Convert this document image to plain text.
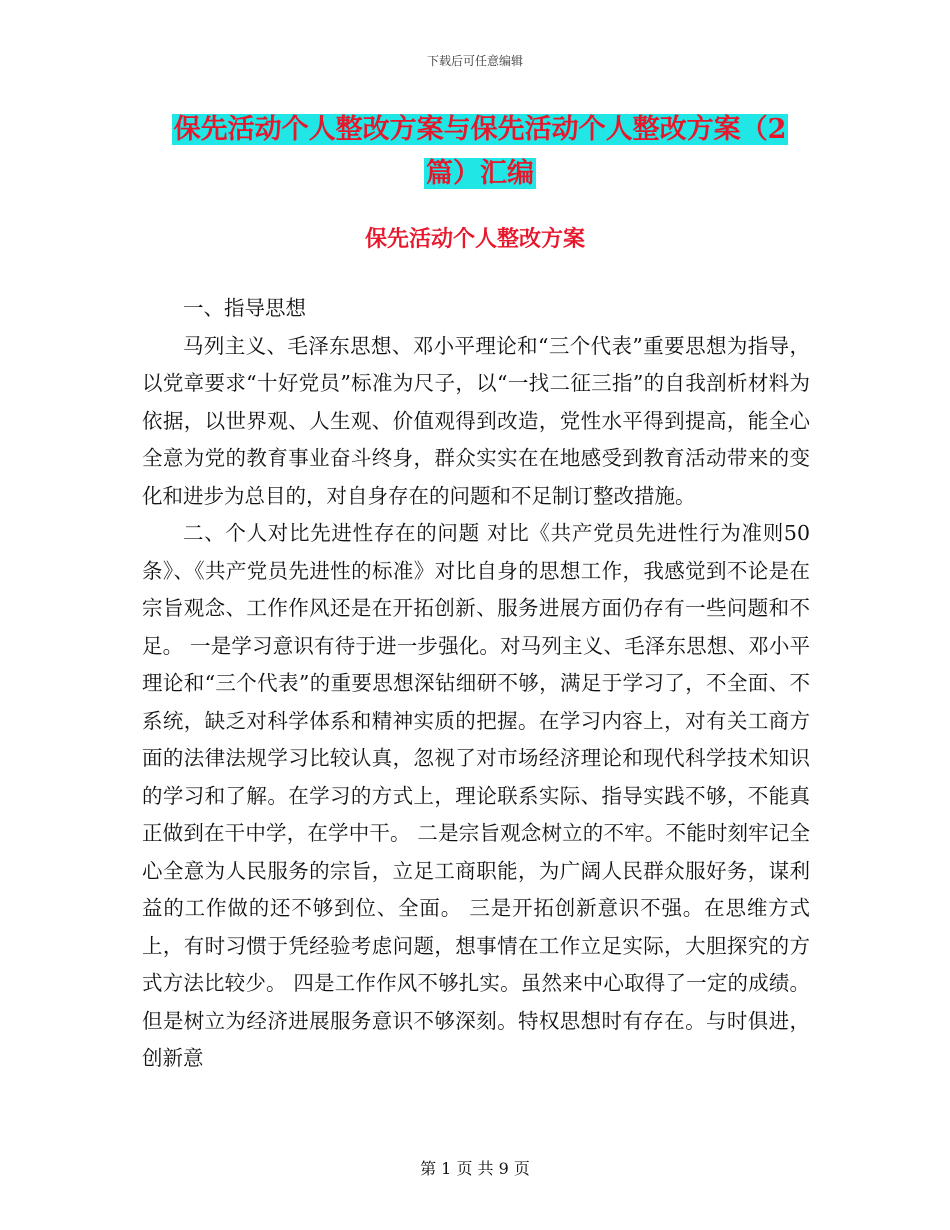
下载后可任意编辑
保先活动个人整改方案与保先活动个人整改方案（2
篇）汇编
保先活动个人整改方案

一、指导思想

马列主义、毛泽东思想、邓小平理论和“三个代表”重要思想为指导，以党章要求“十好党员”标准为尺子，以“一找二征三指”的自我剖析材料为依据，以世界观、人生观、价值观得到改造，党性水平得到提高，能全心全意为党的教育事业奋斗终身，群众实实在在地感受到教育活动带来的变化和进步为总目的，对自身存在的问题和不足制订整改措施。

二、个人对比先进性存在的问题 对比《共产党员先进性行为准则50条》、《共产党员先进性的标准》对比自身的思想工作，我感觉到不论是在宗旨观念、工作作风还是在开拓创新、服务进展方面仍存有一些问题和不足。 一是学习意识有待于进一步强化。对马列主义、毛泽东思想、邓小平理论和“三个代表”的重要思想深钻细研不够，满足于学习了，不全面、不系统，缺乏对科学体系和精神实质的把握。在学习内容上，对有关工商方面的法律法规学习比较认真，忽视了对市场经济理论和现代科学技术知识的学习和了解。在学习的方式上，理论联系实际、指导实践不够，不能真正做到在干中学，在学中干。 二是宗旨观念树立的不牢。不能时刻牢记全心全意为人民服务的宗旨，立足工商职能，为广阔人民群众服好务，谋利益的工作做的还不够到位、全面。 三是开拓创新意识不强。在思维方式上，有时习惯于凭经验考虑问题，想事情在工作立足实际，大胆探究的方式方法比较少。 四是工作作风不够扎实。虽然来中心取得了一定的成绩。但是树立为经济进展服务意识不够深刻。特权思想时有存在。与时俱进，创新意

第 1 页 共 9 页
